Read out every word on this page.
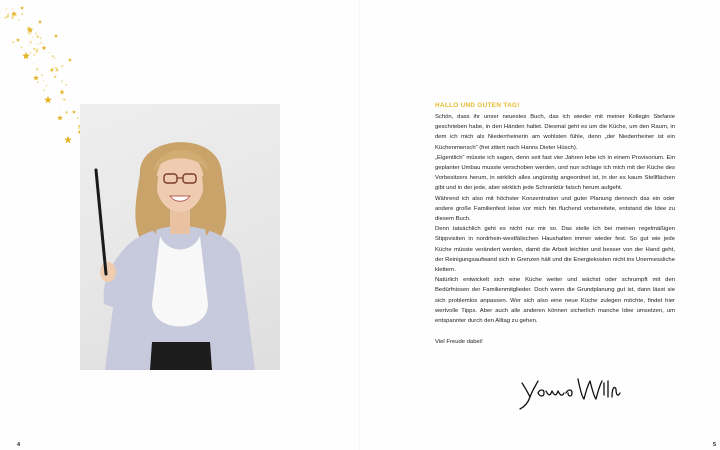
HALLO UND GUTEN TAG!

Schön, dass ihr unser neuestes Buch, das ich wieder mit meiner Kollegin Stefanie geschrieben habe, in den Händen haltet. Diesmal geht es um die Küche, um den Raum, in dem ich mich als Niederrheinerin am wohlsten fühle, denn „der Niederrheiner ist ein Küchenmensch“ (frei zitiert nach Hanns Dieter Hüsch).

„Eigentlich“ müsste ich sagen, denn seit fast vier Jahren lebe ich in einem Provisorium. Ein geplanter Umbau musste verschoben werden, und nun schlage ich mich mit der Küche des Vorbesitzers herum, in wirklich alles ungünstig angeordnet ist, in der es kaum Stellflächen gibt und in der jede, aber wirklich jede Schranktür falsch herum aufgeht.

Während ich also mit höchster Konzentration und guter Planung dennoch das ein oder andere große Familienfest leise vor mich hin fluchend vorbereitete, entstand die Idee zu diesem Buch.

Denn tatsächlich geht es nicht nur mir so. Das stelle ich bei meinen regelmäßigen Stippvisiten in nordrhein-westfälischen Haushalten immer wieder fest. So gut wie jede Küche müsste verändert werden, damit die Arbeit leichter und besser von der Hand geht, der Reinigungsaufwand sich in Grenzen hält und die Energiekosten nicht ins Unermessliche klettern.

Natürlich entwickelt sich eine Küche weiter und wächst oder schrumpft mit den Bedürfnissen der Familienmitglieder. Doch wenn die Grundplanung gut ist, dann lässt sie sich problemlos anpassen. Wer sich also eine neue Küche zulegen möchte, findet hier wertvolle Tipps. Aber auch alle anderen können sicherlich manche Idee umsetzen, um entspannter durch den Alltag zu gehen.

Viel Freude dabei!

4	5
